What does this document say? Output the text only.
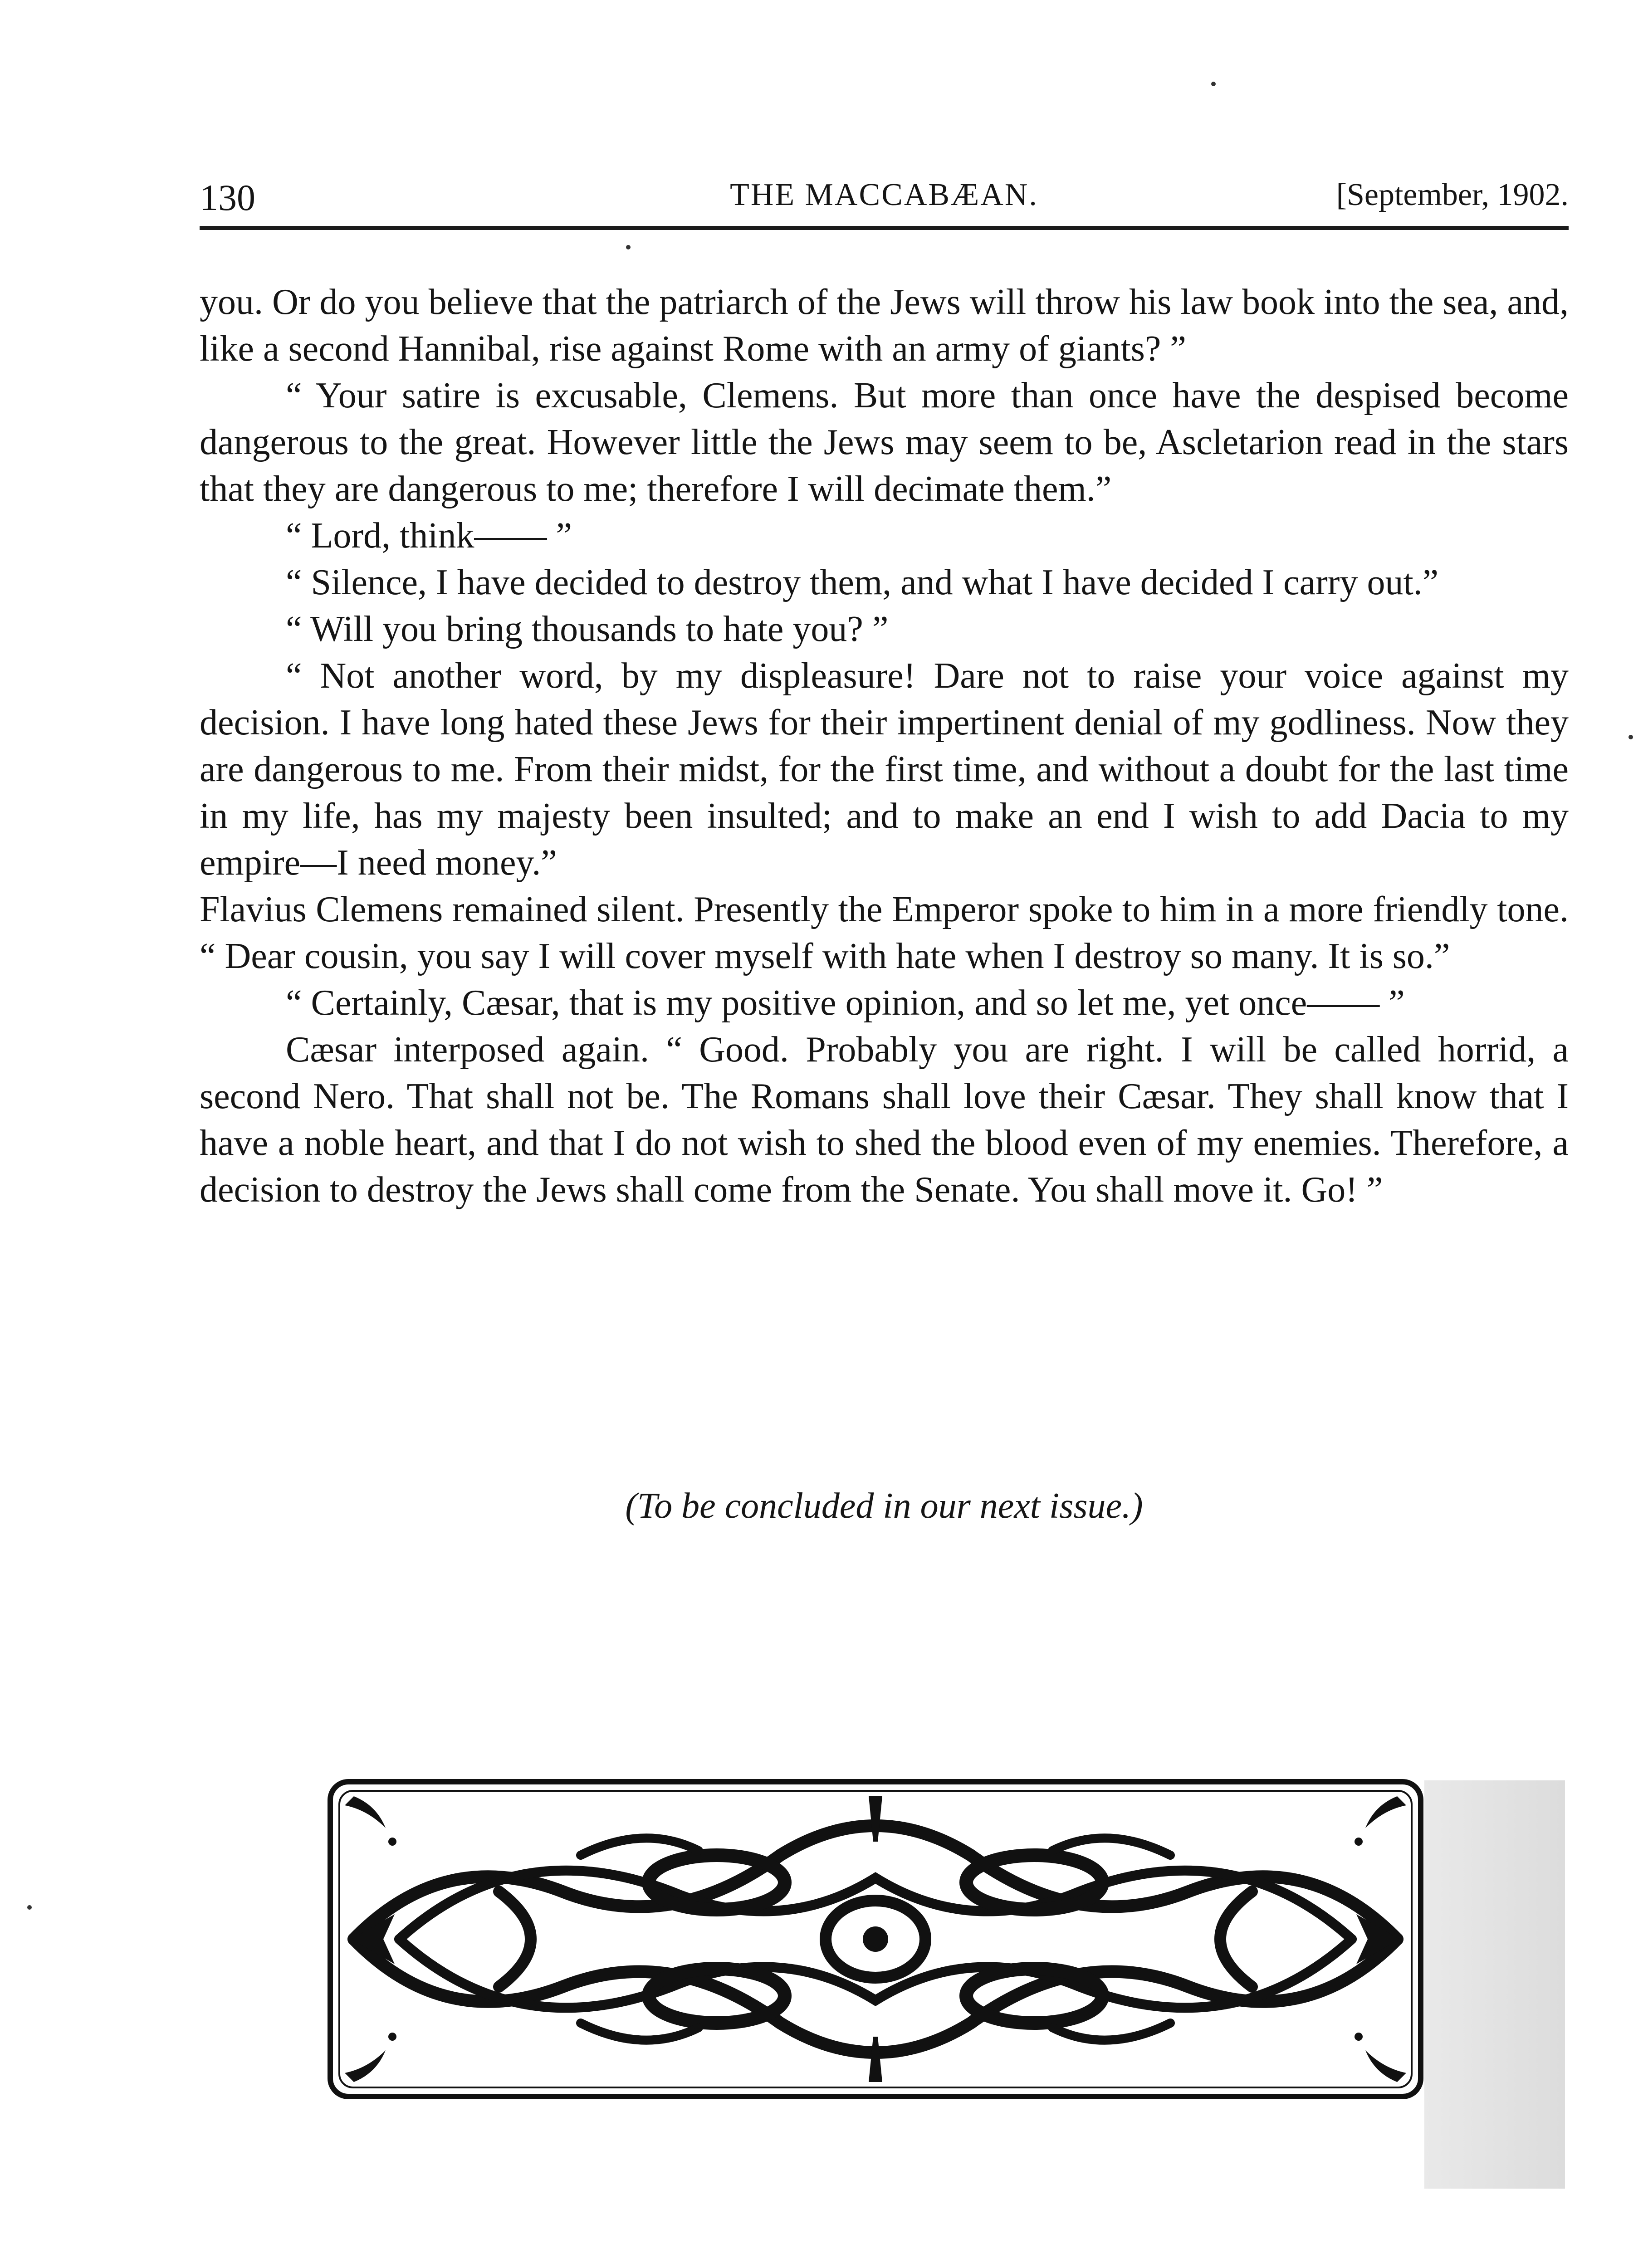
130	THE MACCABÆAN.	[September, 1902.

you. Or do you believe that the patriarch of the Jews will throw his law book into the sea, and, like a second Hannibal, rise against Rome with an army of giants? ”

“ Your satire is excusable, Clemens. But more than once have the despised become dangerous to the great. However little the Jews may seem to be, Ascletarion read in the stars that they are dangerous to me; therefore I will decimate them.”

“ Lord, think—— ”

“ Silence, I have decided to destroy them, and what I have decided I carry out.”

“ Will you bring thousands to hate you? ”

“ Not another word, by my displeasure! Dare not to raise your voice against my decision. I have long hated these Jews for their impertinent denial of my godliness. Now they are dangerous to me. From their midst, for the first time, and without a doubt for the last time in my life, has my majesty been insulted; and to make an end I wish to add Dacia to my empire—I need money.”

Flavius Clemens remained silent. Presently the Emperor spoke to him in a more friendly tone. “ Dear cousin, you say I will cover myself with hate when I destroy so many. It is so.”

“ Certainly, Cæsar, that is my positive opinion, and so let me, yet once—— ”

Cæsar interposed again. “ Good. Probably you are right. I will be called horrid, a second Nero. That shall not be. The Romans shall love their Cæsar. They shall know that I have a noble heart, and that I do not wish to shed the blood even of my enemies. Therefore, a decision to destroy the Jews shall come from the Senate. You shall move it. Go! ”

(To be concluded in our next issue.)
